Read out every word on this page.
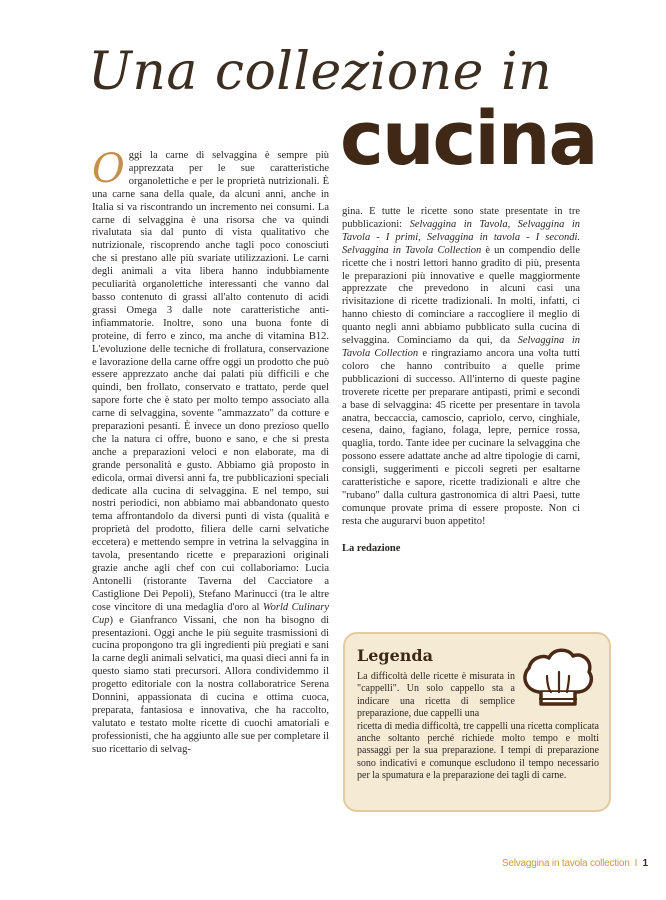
Una collezione in
cucina

Oggi la carne di selvaggina è sempre più apprezzata per le sue caratteristiche organolettiche e per le proprietà nutrizionali. È una carne sana della quale, da alcuni anni, anche in Italia si va riscontrando un incremento nei consumi. La carne di selvaggina è una risorsa che va quindi rivalutata sia dal punto di vista qualitativo che nutrizionale, riscoprendo anche tagli poco conosciuti che si prestano alle più svariate utilizzazioni. Le carni degli animali a vita libera hanno indubbiamente peculiarità organolettiche interessanti che vanno dal basso contenuto di grassi all'alto contenuto di acidi grassi Omega 3 dalle note caratteristiche anti-infiammatorie. Inoltre, sono una buona fonte di proteine, di ferro e zinco, ma anche di vitamina B12. L'evoluzione delle tecniche di frollatura, conservazione e lavorazione della carne offre oggi un prodotto che può essere apprezzato anche dai palati più difficili e che quindi, ben frollato, conservato e trattato, perde quel sapore forte che è stato per molto tempo associato alla carne di selvaggina, sovente "ammazzato" da cotture e preparazioni pesanti. È invece un dono prezioso quello che la natura ci offre, buono e sano, e che si presta anche a preparazioni veloci e non elaborate, ma di grande personalità e gusto. Abbiamo già proposto in edicola, ormai diversi anni fa, tre pubblicazioni speciali dedicate alla cucina di selvaggina. E nel tempo, sui nostri periodici, non abbiamo mai abbandonato questo tema affrontandolo da diversi punti di vista (qualità e proprietà del prodotto, filiera delle carni selvatiche eccetera) e mettendo sempre in vetrina la selvaggina in tavola, presentando ricette e preparazioni originali grazie anche agli chef con cui collaboriamo: Lucia Antonelli (ristorante Taverna del Cacciatore a Castiglione Dei Pepoli), Stefano Marinucci (tra le altre cose vincitore di una medaglia d'oro al World Culinary Cup) e Gianfranco Vissani, che non ha bisogno di presentazioni. Oggi anche le più seguite trasmissioni di cucina propongono tra gli ingredienti più pregiati e sani la carne degli animali selvatici, ma quasi dieci anni fa in questo siamo stati precursori. Allora condividemmo il progetto editoriale con la nostra collaboratrice Serena Donnini, appassionata di cucina e ottima cuoca, preparata, fantasiosa e innovativa, che ha raccolto, valutato e testato molte ricette di cuochi amatoriali e professionisti, che ha aggiunto alle sue per completare il suo ricettario di selvag-

gina. E tutte le ricette sono state presentate in tre pubblicazioni: Selvaggina in Tavola, Selvaggina in Tavola - I primi, Selvaggina in tavola - I secondi. Selvaggina in Tavola Collection è un compendio delle ricette che i nostri lettori hanno gradito di più, presenta le preparazioni più innovative e quelle maggiormente apprezzate che prevedono in alcuni casi una rivisitazione di ricette tradizionali. In molti, infatti, ci hanno chiesto di cominciare a raccogliere il meglio di quanto negli anni abbiamo pubblicato sulla cucina di selvaggina. Cominciamo da qui, da Selvaggina in Tavola Collection e ringraziamo ancora una volta tutti coloro che hanno contribuito a quelle prime pubblicazioni di successo. All'interno di queste pagine troverete ricette per preparare antipasti, primi e secondi a base di selvaggina: 45 ricette per presentare in tavola anatra, beccaccia, camoscio, capriolo, cervo, cinghiale, cesena, daino, fagiano, folaga, lepre, pernice rossa, quaglia, tordo. Tante idee per cucinare la selvaggina che possono essere adattate anche ad altre tipologie di carni, consigli, suggerimenti e piccoli segreti per esaltarne caratteristiche e sapore, ricette tradizionali e altre che "rubano" dalla cultura gastronomica di altri Paesi, tutte comunque provate prima di essere proposte. Non ci resta che augurarvi buon appetito!

La redazione

Legenda

La difficoltà delle ricette è misurata in "cappelli". Un solo cappello sta a indicare una ricetta di semplice preparazione, due cappelli una

ricetta di media difficoltà, tre cappelli una ricetta complicata anche soltanto perché richiede molto tempo e molti passaggi per la sua preparazione. I tempi di preparazione sono indicativi e comunque escludono il tempo necessario per la spumatura e la preparazione dei tagli di carne.

Selvaggina in tavola collection I 1
